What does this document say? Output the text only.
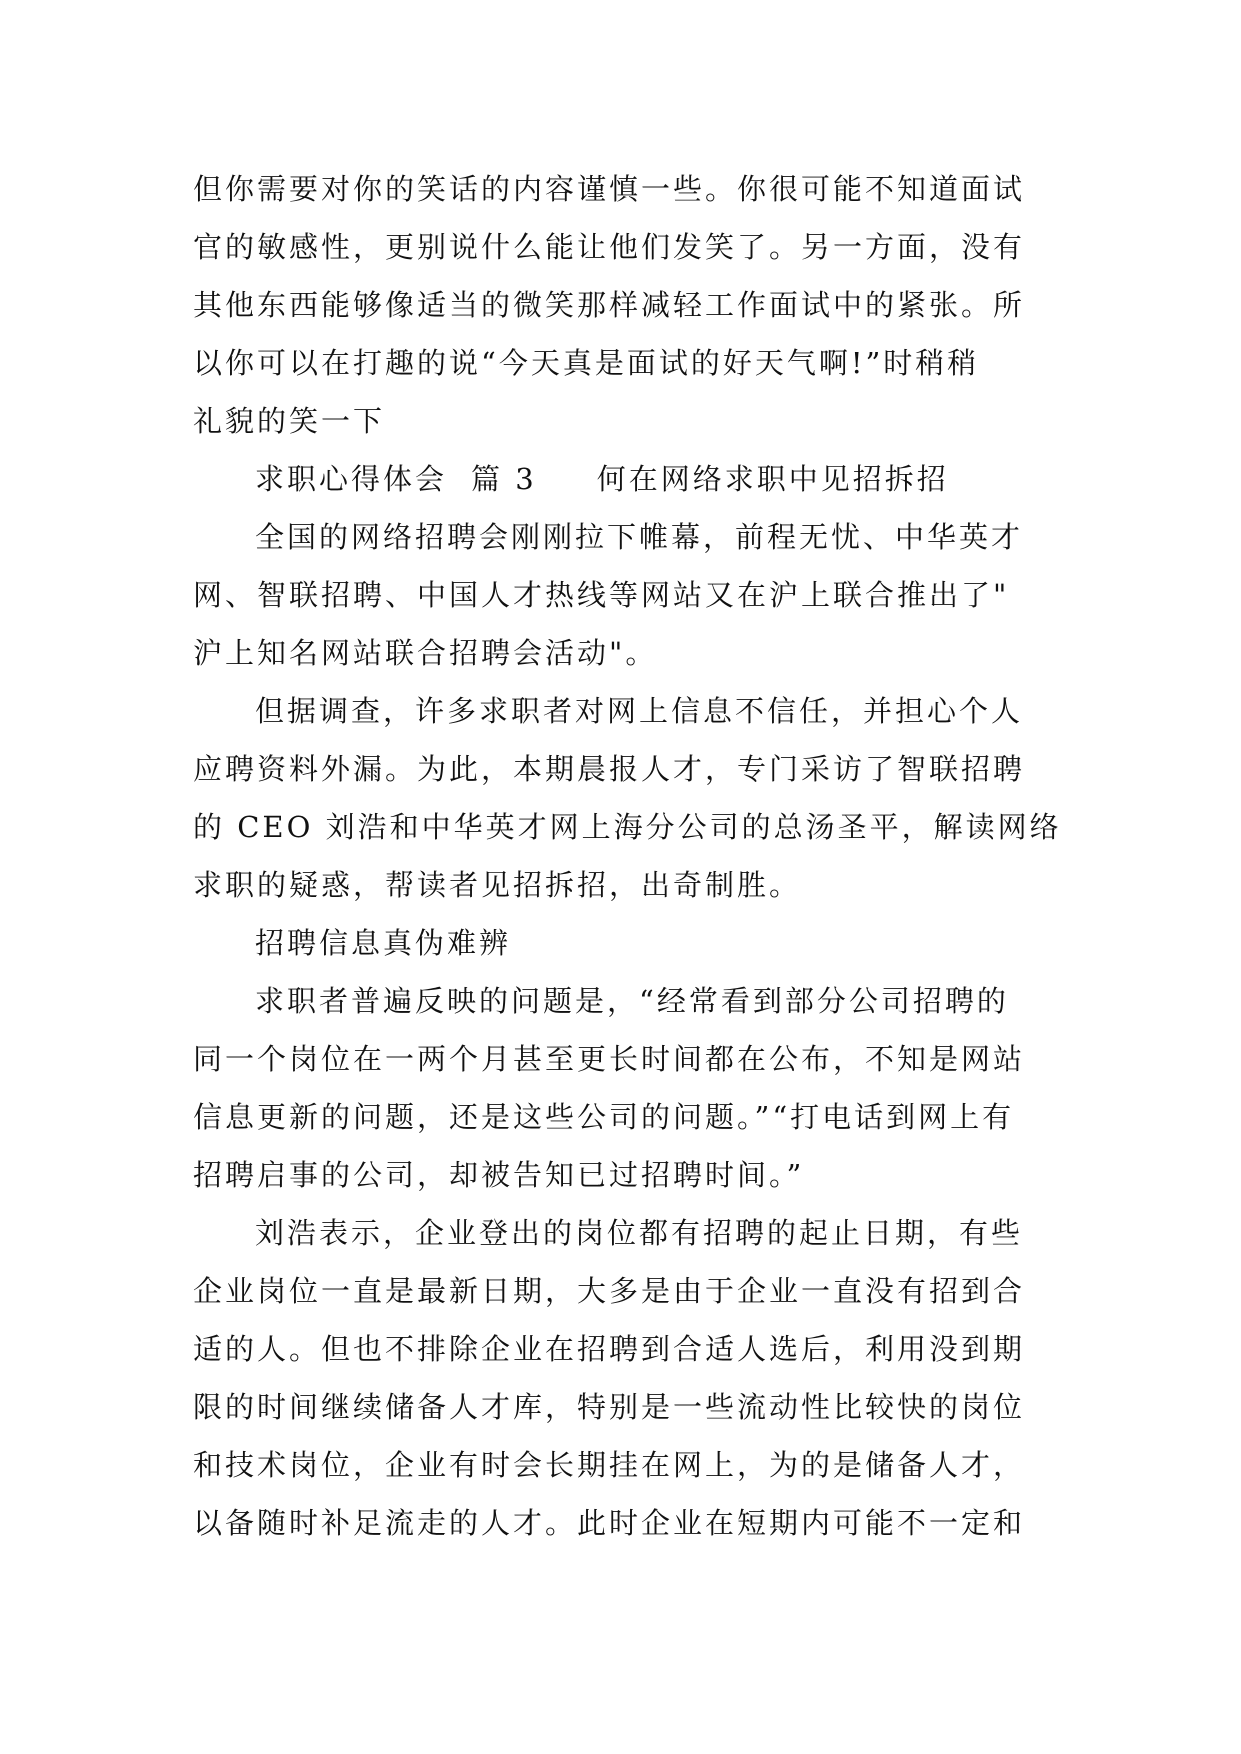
但你需要对你的笑话的内容谨慎一些。你很可能不知道面试
官的敏感性，更别说什么能让他们发笑了。另一方面，没有
其他东西能够像适当的微笑那样减轻工作面试中的紧张。所
以你可以在打趣的说“今天真是面试的好天气啊!”时稍稍
礼貌的笑一下
求职心得体会 篇 3 何在网络求职中见招拆招
全国的网络招聘会刚刚拉下帷幕，前程无忧、中华英才
网、智联招聘、中国人才热线等网站又在沪上联合推出了"
沪上知名网站联合招聘会活动"。
但据调查，许多求职者对网上信息不信任，并担心个人
应聘资料外漏。为此，本期晨报人才，专门采访了智联招聘
的 CEO 刘浩和中华英才网上海分公司的总汤圣平，解读网络
求职的疑惑，帮读者见招拆招，出奇制胜。
招聘信息真伪难辨
求职者普遍反映的问题是，“经常看到部分公司招聘的
同一个岗位在一两个月甚至更长时间都在公布，不知是网站
信息更新的问题，还是这些公司的问题。”“打电话到网上有
招聘启事的公司，却被告知已过招聘时间。”
刘浩表示，企业登出的岗位都有招聘的起止日期，有些
企业岗位一直是最新日期，大多是由于企业一直没有招到合
适的人。但也不排除企业在招聘到合适人选后，利用没到期
限的时间继续储备人才库，特别是一些流动性比较快的岗位
和技术岗位，企业有时会长期挂在网上，为的是储备人才，
以备随时补足流走的人才。此时企业在短期内可能不一定和
